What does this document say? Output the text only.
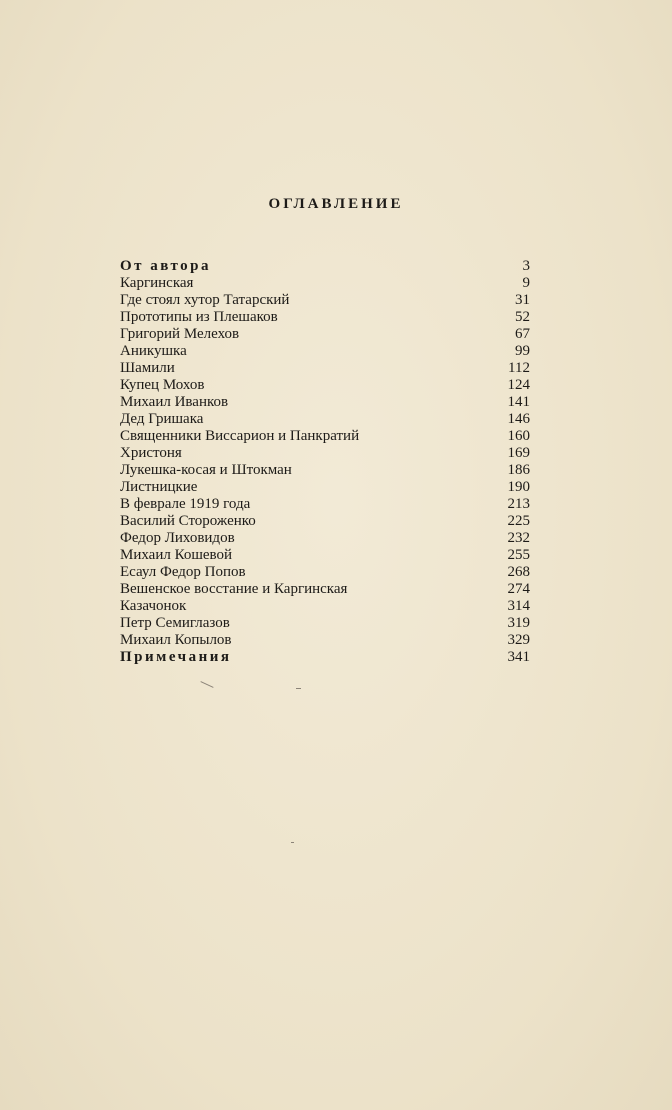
ОГЛАВЛЕНИЕ
От автора	3
Каргинская	9
Где стоял хутор Татарский	31
Прототипы из Плешаков	52
Григорий Мелехов	67
Аникушка	99
Шамили	112
Купец Мохов	124
Михаил Иванков	141
Дед Гришака	146
Священники Виссарион и Панкратий	160
Христоня	169
Лукешка-косая и Штокман	186
Листницкие	190
В феврале 1919 года	213
Василий Стороженко	225
Федор Лиховидов	232
Михаил Кошевой	255
Есаул Федор Попов	268
Вешенское восстание и Каргинская	274
Казачонок	314
Петр Семиглазов	319
Михаил Копылов	329
Примечания	341
